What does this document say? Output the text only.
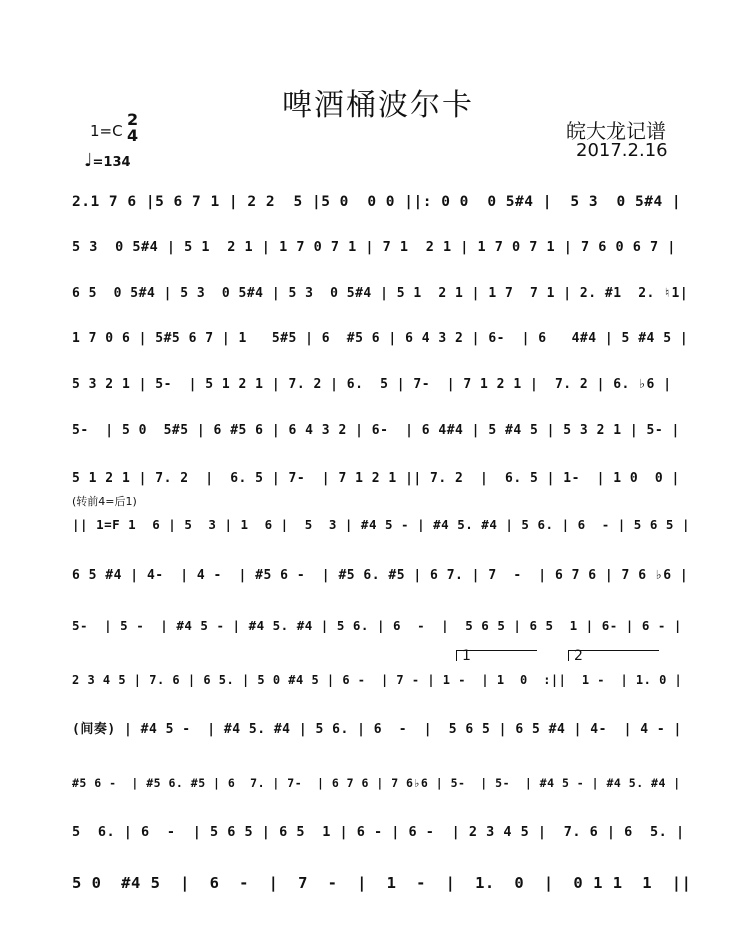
啤酒桶波尔卡
皖大龙记谱
2017.2.16
1=C
2
4
♩=134
2.1 7 6 |5 6 7 1 | 2 2  5 |5 0  0 0 ||: 0 0  0 5#4 |  5 3  0 5#4 |
5 3  0 5#4 | 5 1  2 1 | 1 7 0 7 1 | 7 1  2 1 | 1 7 0 7 1 | 7 6 0 6 7 |
6 5  0 5#4 | 5 3  0 5#4 | 5 3  0 5#4 | 5 1  2 1 | 1 7  7 1 | 2. #1  2. ♮1|
1 7 0 6 | 5#5 6 7 | 1   5#5 | 6  #5 6 | 6 4 3 2 | 6-  | 6   4#4 | 5 #4 5 |
5 3 2 1 | 5-  | 5 1 2 1 | 7. 2 | 6.  5 | 7-  | 7 1 2 1 |  7. 2 | 6. ♭6 |
5-  | 5 0  5#5 | 6 #5 6 | 6 4 3 2 | 6-  | 6 4#4 | 5 #4 5 | 5 3 2 1 | 5- |
5 1 2 1 | 7. 2  |  6. 5 | 7-  | 7 1 2 1 || 7. 2  |  6. 5 | 1-  | 1 0  0 |
(转前4=后1)
|| 1=F 1  6 | 5  3 | 1  6 |  5  3 | #4 5 - | #4 5. #4 | 5 6. | 6  - | 5 6 5 |
6 5 #4 | 4-  | 4 -  | #5 6 -  | #5 6. #5 | 6 7. | 7  -  | 6 7 6 | 7 6 ♭6 |
5-  | 5 -  | #4 5 - | #4 5. #4 | 5 6. | 6  -  |  5 6 5 | 6 5  1 | 6- | 6 - |
1	2
2 3 4 5 | 7. 6 | 6 5. | 5 0 #4 5 | 6 -  | 7 - | 1 -  | 1  0  :||  1 -  | 1. 0 |
(间奏) | #4 5 -  | #4 5. #4 | 5 6. | 6  -  |  5 6 5 | 6 5 #4 | 4-  | 4 - |
#5 6 -  | #5 6. #5 | 6  7. | 7-  | 6 7 6 | 7 6♭6 | 5-  | 5-  | #4 5 - | #4 5. #4 |
5  6. | 6  -  | 5 6 5 | 6 5  1 | 6 - | 6 -  | 2 3 4 5 |  7. 6 | 6  5. |
5 0  #4 5  |  6  -  |  7  -  |  1  -  |  1.  0  |  0 1 1  1  ||
